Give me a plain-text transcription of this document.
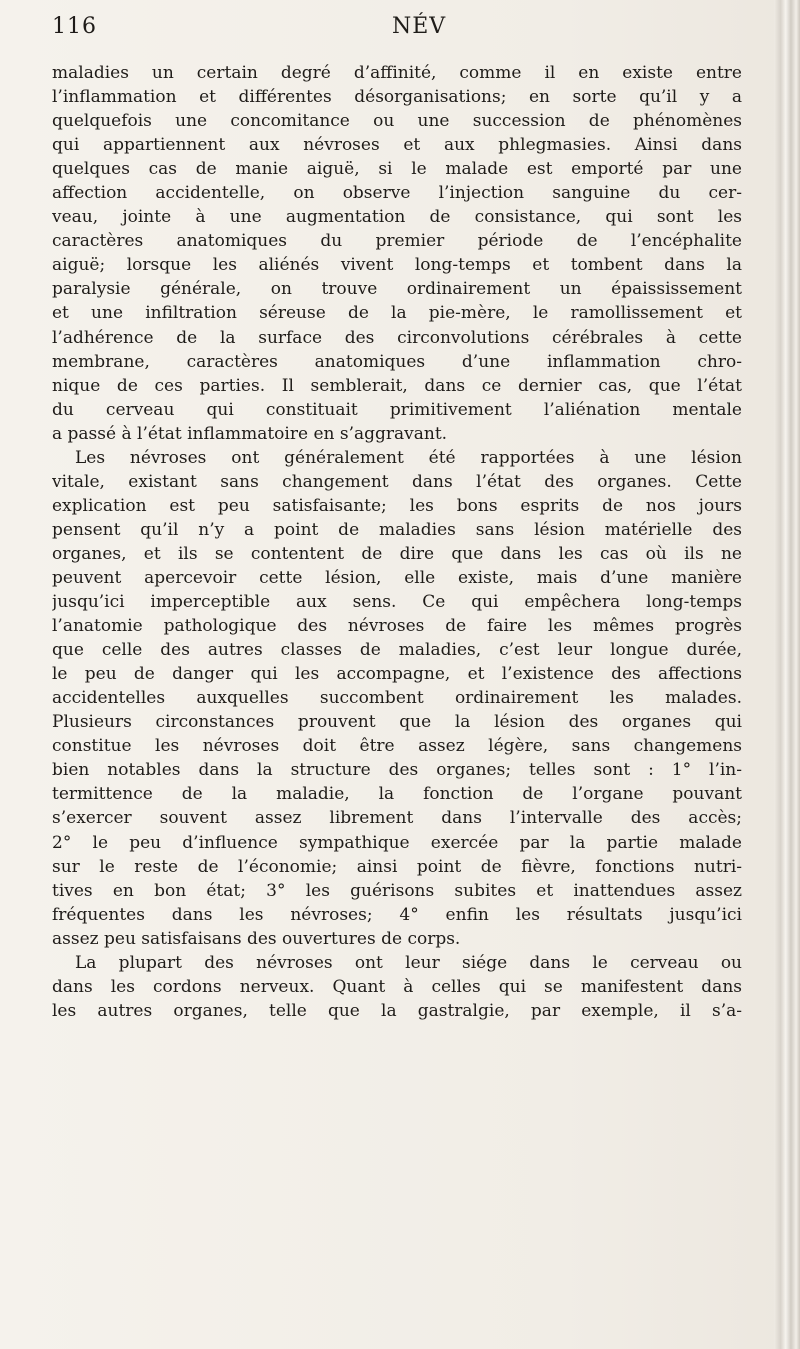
116	NÉV
maladies un certain degré d’affinité, comme il en existe entre
l’inflammation et différentes désorganisations; en sorte qu’il y a
quelquefois une concomitance ou une succession de phénomènes
qui appartiennent aux névroses et aux phlegmasies. Ainsi dans
quelques cas de manie aiguë, si le malade est emporté par une
affection accidentelle, on observe l’injection sanguine du cer-
veau, jointe à une augmentation de consistance, qui sont les
caractères anatomiques du premier période de l’encéphalite
aiguë; lorsque les aliénés vivent long-temps et tombent dans la
paralysie générale, on trouve ordinairement un épaississement
et une infiltration séreuse de la pie-mère, le ramollissement et
l’adhérence de la surface des circonvolutions cérébrales à cette
membrane, caractères anatomiques d’une inflammation chro-
nique de ces parties. Il semblerait, dans ce dernier cas, que l’état
du cerveau qui constituait primitivement l’aliénation mentale
a passé à l’état inflammatoire en s’aggravant.
Les névroses ont généralement été rapportées à une lésion
vitale, existant sans changement dans l’état des organes. Cette
explication est peu satisfaisante; les bons esprits de nos jours
pensent qu’il n’y a point de maladies sans lésion matérielle des
organes, et ils se contentent de dire que dans les cas où ils ne
peuvent apercevoir cette lésion, elle existe, mais d’une manière
jusqu’ici imperceptible aux sens. Ce qui empêchera long-temps
l’anatomie pathologique des névroses de faire les mêmes progrès
que celle des autres classes de maladies, c’est leur longue durée,
le peu de danger qui les accompagne, et l’existence des affections
accidentelles auxquelles succombent ordinairement les malades.
Plusieurs circonstances prouvent que la lésion des organes qui
constitue les névroses doit être assez légère, sans changemens
bien notables dans la structure des organes; telles sont : 1° l’in-
termittence de la maladie, la fonction de l’organe pouvant
s’exercer souvent assez librement dans l’intervalle des accès;
2° le peu d’influence sympathique exercée par la partie malade
sur le reste de l’économie; ainsi point de fièvre, fonctions nutri-
tives en bon état; 3° les guérisons subites et inattendues assez
fréquentes dans les névroses; 4° enfin les résultats jusqu’ici
assez peu satisfaisans des ouvertures de corps.
La plupart des névroses ont leur siége dans le cerveau ou
dans les cordons nerveux. Quant à celles qui se manifestent dans
les autres organes, telle que la gastralgie, par exemple, il s’a-
